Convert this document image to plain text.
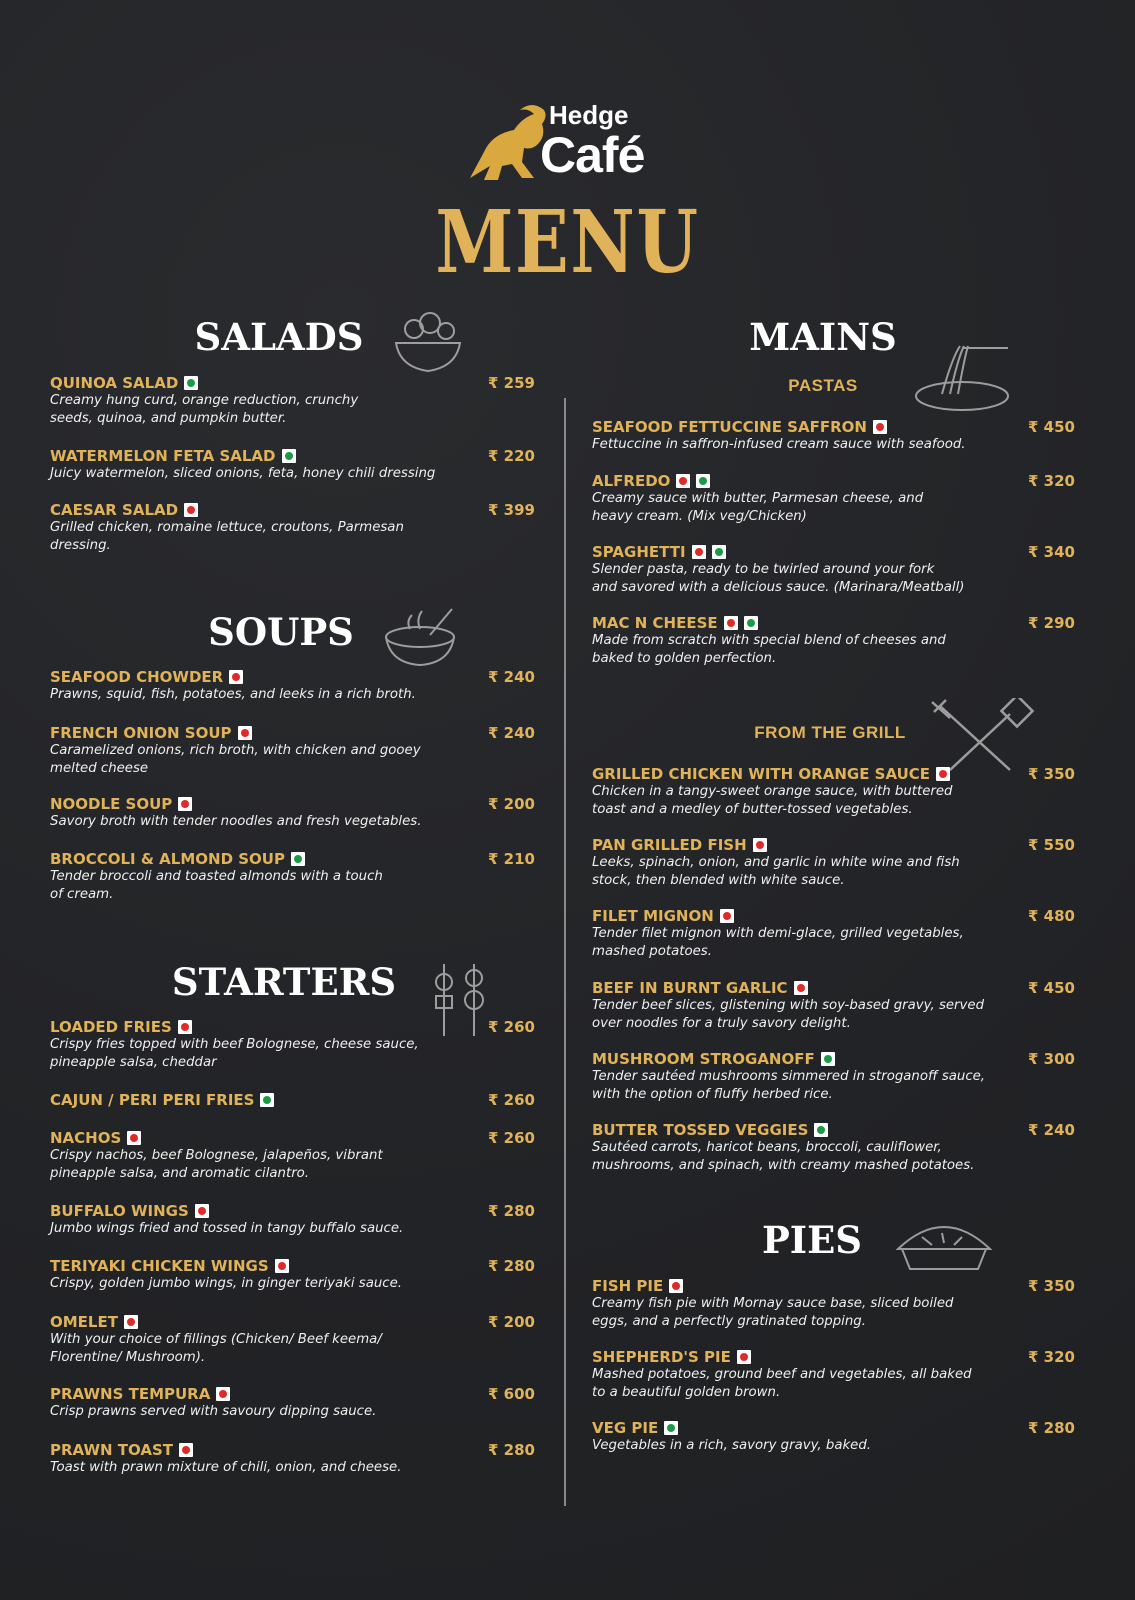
Hedge
Café
MENU
SALADS
SOUPS
STARTERS
MAINS
PASTAS
FROM THE GRILL
PIES
QUINOA SALAD
Creamy hung curd, orange reduction, crunchy
seeds, quinoa, and pumpkin butter.
₹ 259
WATERMELON FETA SALAD
Juicy watermelon, sliced onions, feta, honey chili dressing
₹ 220
CAESAR SALAD
Grilled chicken, romaine lettuce, croutons, Parmesan
dressing.
₹ 399
SEAFOOD CHOWDER
Prawns, squid, fish, potatoes, and leeks in a rich broth.
₹ 240
FRENCH ONION SOUP
Caramelized onions, rich broth, with chicken and gooey
melted cheese
₹ 240
NOODLE SOUP
Savory broth with tender noodles and fresh vegetables.
₹ 200
BROCCOLI & ALMOND SOUP
Tender broccoli and toasted almonds with a touch
of cream.
₹ 210
LOADED FRIES
Crispy fries topped with beef Bolognese, cheese sauce,
pineapple salsa, cheddar
₹ 260
CAJUN / PERI PERI FRIES	₹ 260
NACHOS
Crispy nachos, beef Bolognese, jalapeños, vibrant
pineapple salsa, and aromatic cilantro.
₹ 260
BUFFALO WINGS
Jumbo wings fried and tossed in tangy buffalo sauce.
₹ 280
TERIYAKI CHICKEN WINGS
Crispy, golden jumbo wings, in ginger teriyaki sauce.
₹ 280
OMELET
With your choice of fillings (Chicken/ Beef keema/
Florentine/ Mushroom).
₹ 200
PRAWNS TEMPURA
Crisp prawns served with savoury dipping sauce.
₹ 600
PRAWN TOAST
Toast with prawn mixture of chili, onion, and cheese.
₹ 280
SEAFOOD FETTUCCINE SAFFRON
Fettuccine in saffron-infused cream sauce with seafood.
₹ 450
ALFREDO
Creamy sauce with butter, Parmesan cheese, and
heavy cream. (Mix veg/Chicken)
₹ 320
SPAGHETTI
Slender pasta, ready to be twirled around your fork
and savored with a delicious sauce. (Marinara/Meatball)
₹ 340
MAC N CHEESE
Made from scratch with special blend of cheeses and
baked to golden perfection.
₹ 290
GRILLED CHICKEN WITH ORANGE SAUCE
Chicken in a tangy-sweet orange sauce, with buttered
toast and a medley of butter-tossed vegetables.
₹ 350
PAN GRILLED FISH
Leeks, spinach, onion, and garlic in white wine and fish
stock, then blended with white sauce.
₹ 550
FILET MIGNON
Tender filet mignon with demi-glace, grilled vegetables,
mashed potatoes.
₹ 480
BEEF IN BURNT GARLIC
Tender beef slices, glistening with soy-based gravy, served
over noodles for a truly savory delight.
₹ 450
MUSHROOM STROGANOFF
Tender sautéed mushrooms simmered in stroganoff sauce,
with the option of fluffy herbed rice.
₹ 300
BUTTER TOSSED VEGGIES
Sautéed carrots, haricot beans, broccoli, cauliflower,
mushrooms, and spinach, with creamy mashed potatoes.
₹ 240
FISH PIE
Creamy fish pie with Mornay sauce base, sliced boiled
eggs, and a perfectly gratinated topping.
₹ 350
SHEPHERD'S PIE
Mashed potatoes, ground beef and vegetables, all baked
to a beautiful golden brown.
₹ 320
VEG PIE
Vegetables in a rich, savory gravy, baked.
₹ 280
